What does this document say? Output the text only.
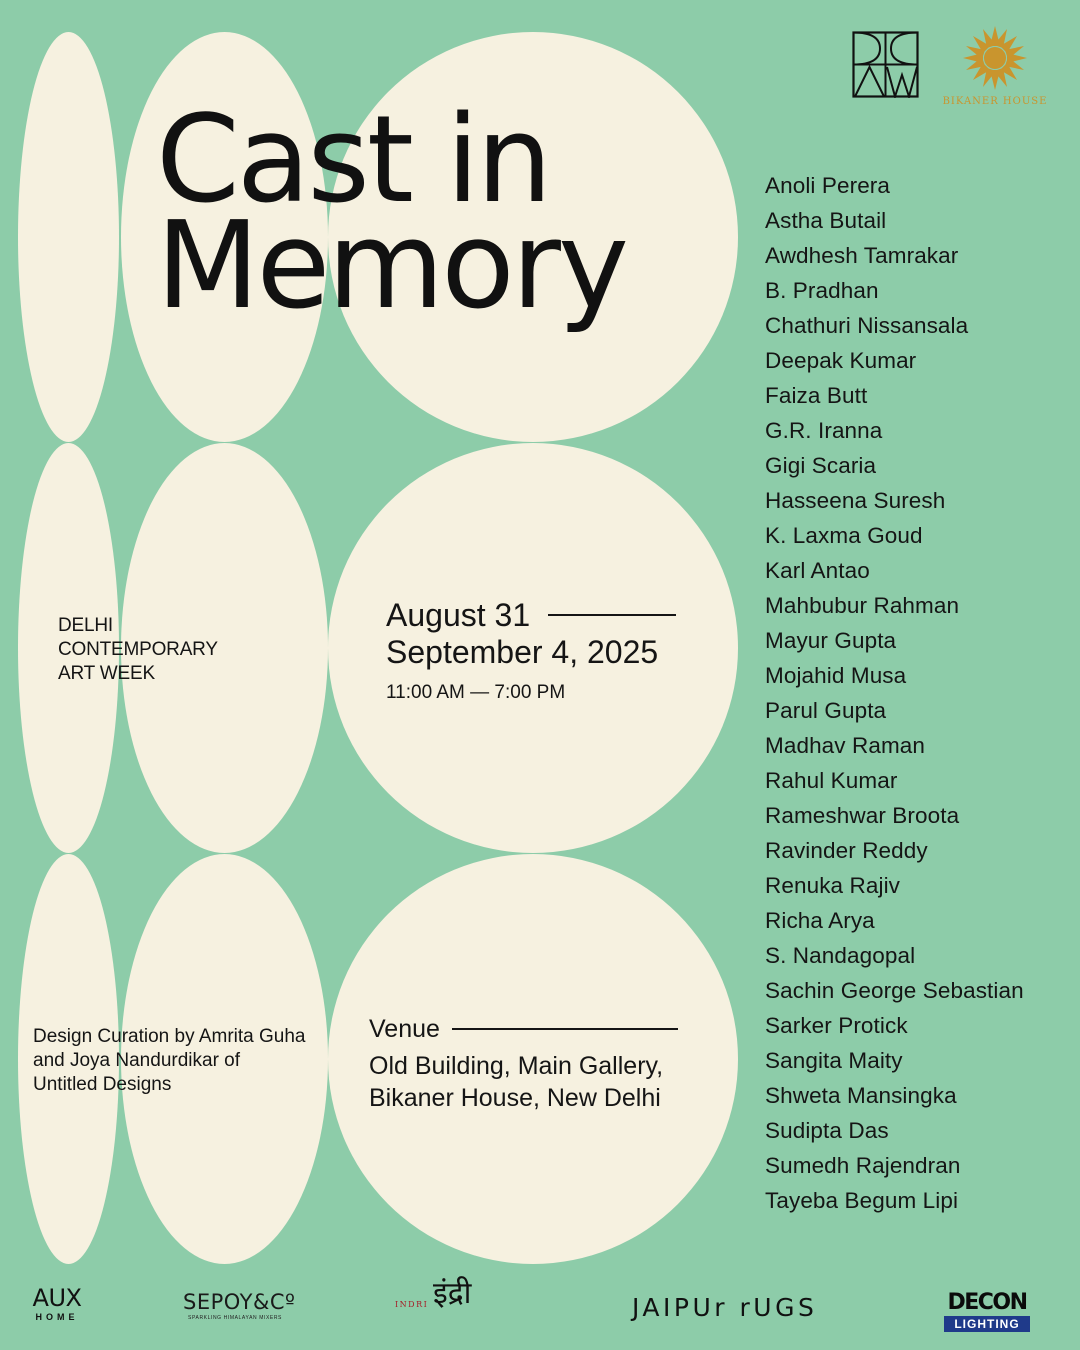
Cast in
Memory
DELHI
CONTEMPORARY
ART WEEK
August 31
September 4, 2025
11:00 AM — 7:00 PM
Venue
Old Building, Main Gallery,
Bikaner House, New Delhi
Design Curation by Amrita Guha and Joya Nandurdikar of Untitled Designs
Anoli Perera
Astha Butail
Awdhesh Tamrakar
B. Pradhan
Chathuri Nissansala
Deepak Kumar
Faiza Butt
G.R. Iranna
Gigi Scaria
Hasseena Suresh
K. Laxma Goud
Karl Antao
Mahbubur Rahman
Mayur Gupta
Mojahid Musa
Parul Gupta
Madhav Raman
Rahul Kumar
Rameshwar Broota
Ravinder Reddy
Renuka Rajiv
Richa Arya
S. Nandagopal
Sachin George Sebastian
Sarker Protick
Sangita Maity
Shweta Mansingka
Sudipta Das
Sumedh Rajendran
Tayeba Begum Lipi
BIKANER HOUSE
AUX
HOME
SEPOY&Cº
SPARKLING HIMALAYAN MIXERS
INDRI इंद्री	JAIPUr rUGS	DECON
LIGHTING
